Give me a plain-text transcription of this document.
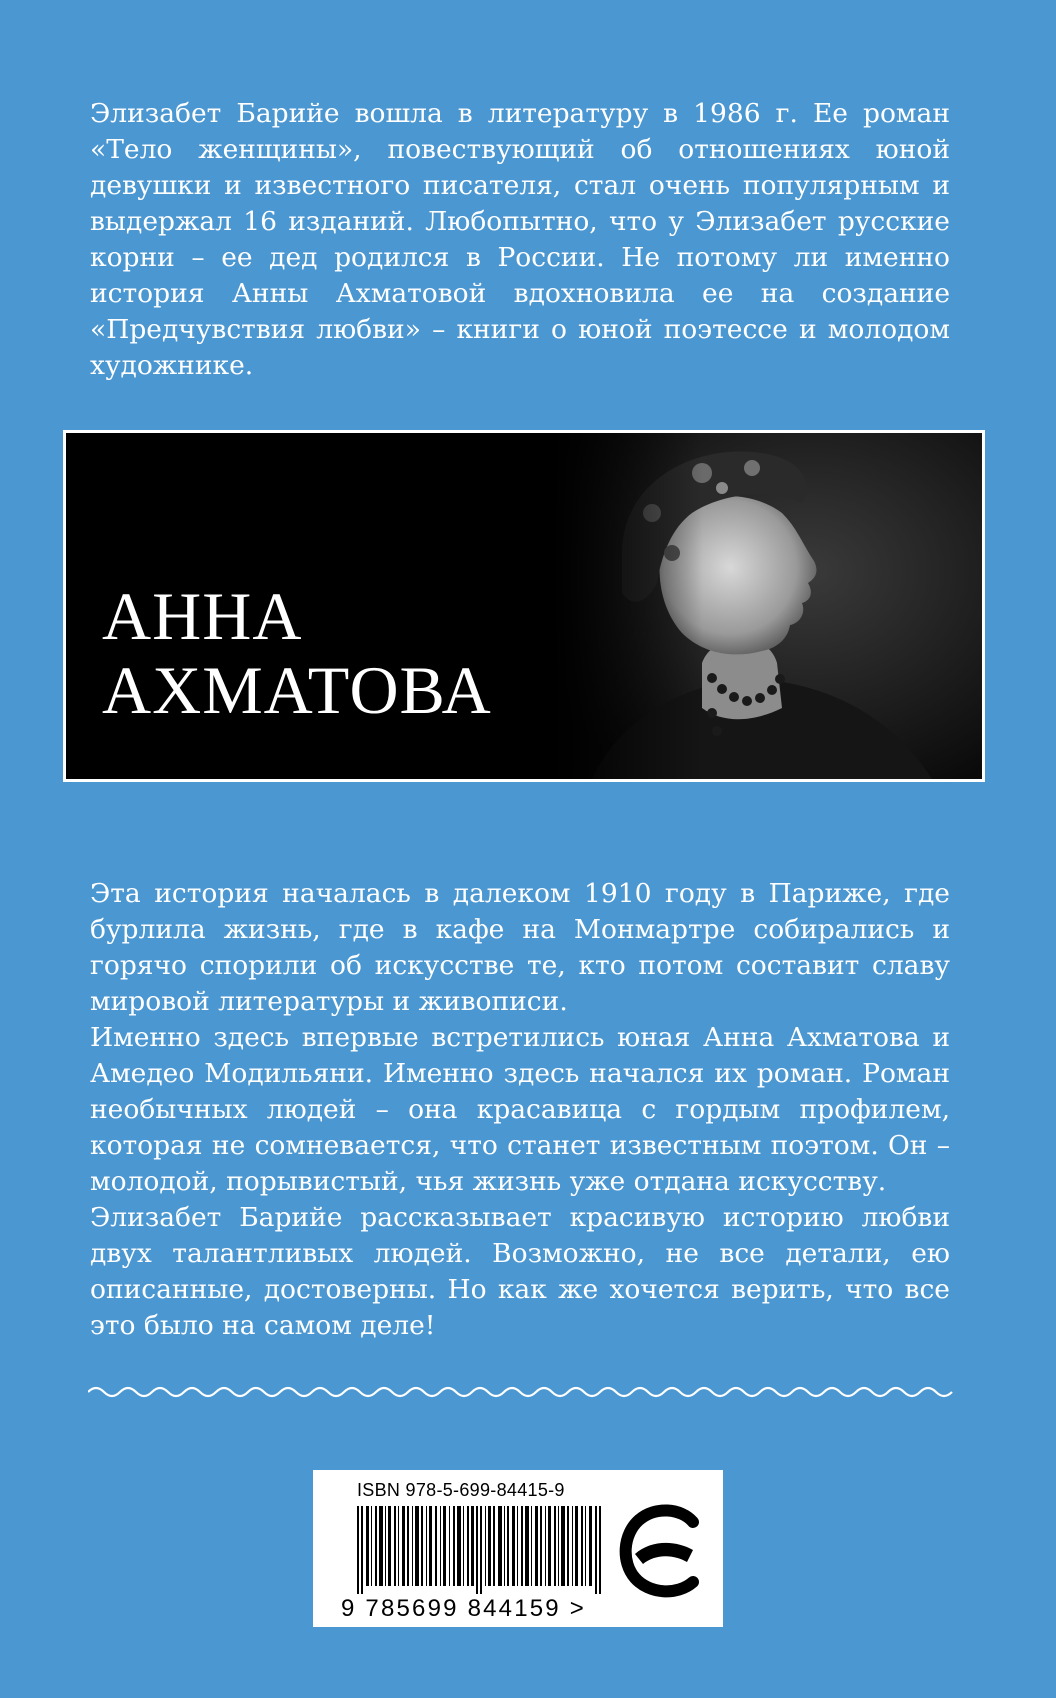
Элизабет Барийе вошла в литературу в 1986 г. Ее роман «Тело женщины», повествующий об отношениях юной девушки и известного писателя, стал очень популярным и выдержал 16 изданий. Любопытно, что у Элизабет русские корни – ее дед родился в России. Не потому ли именно история Анны Ахматовой вдохновила ее на создание «Предчувствия любви» – книги о юной поэтессе и молодом художнике.

АННА
АХМАТОВА

Эта история началась в далеком 1910 году в Париже, где бурлила жизнь, где в кафе на Монмартре собирались и горячо спорили об искусстве те, кто потом составит славу мировой литературы и живописи.

Именно здесь впервые встретились юная Анна Ахматова и Амедео Модильяни. Именно здесь начался их роман. Роман необычных людей – она красавица с гордым профилем, которая не сомневается, что станет известным поэтом. Он – молодой, порывистый, чья жизнь уже отдана искусству.

Элизабет Барийе рассказывает красивую историю любви двух талантливых людей. Возможно, не все детали, ею описанные, достоверны. Но как же хочется верить, что все это было на самом деле!

ISBN 978-5-699-84415-9
9 785699 844159 >
